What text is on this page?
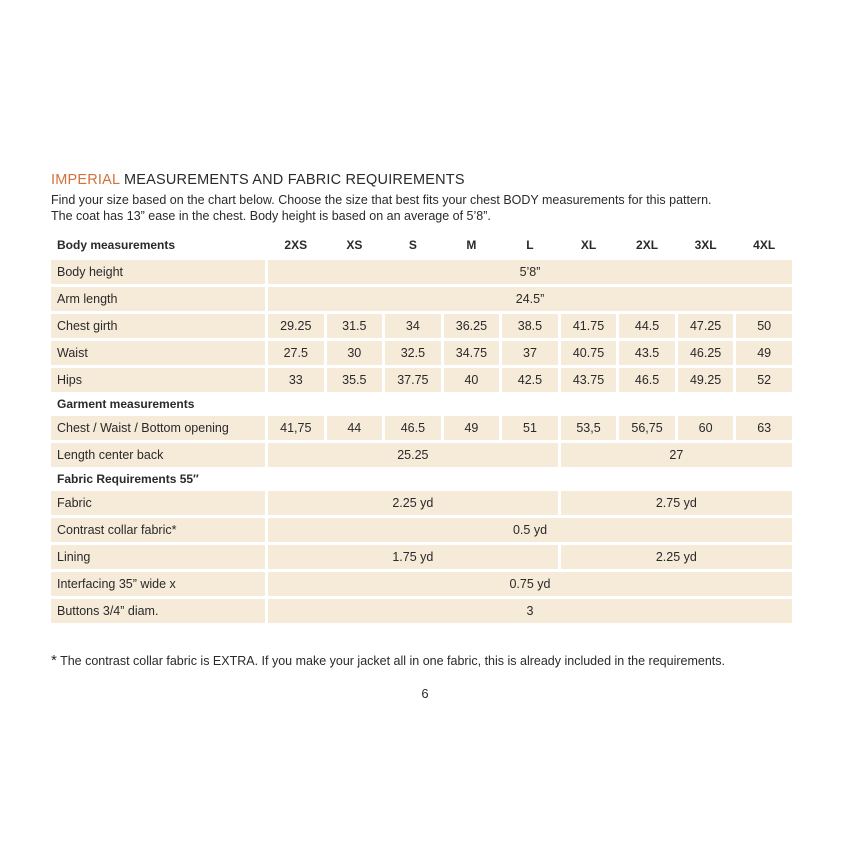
IMPERIAL MEASUREMENTS AND FABRIC REQUIREMENTS
Find your size based on the chart below. Choose the size that best fits your chest BODY measurements for this pattern.
The coat has 13” ease in the chest. Body height is based on an average of 5’8”.
Body measurements	2XS	XS	S	M	L	XL	2XL	3XL	4XL
Body height	5’8”								
Arm length	24.5”								
Chest girth	29.25	31.5	34	36.25	38.5	41.75	44.5	47.25	50
Waist	27.5	30	32.5	34.75	37	40.75	43.5	46.25	49
Hips	33	35.5	37.75	40	42.5	43.75	46.5	49.25	52
Garment measurements									
Chest / Waist / Bottom opening	41,75	44	46.5	49	51	53,5	56,75	60	63
Length center back	25.25					27			
Fabric Requirements 55″									
Fabric	2.25 yd					2.75 yd			
Contrast collar fabric*	0.5 yd								
Lining	1.75 yd					2.25 yd			
Interfacing 35” wide x	0.75 yd								
Buttons 3/4” diam.	3								
* The contrast collar fabric is EXTRA. If you make your jacket all in one fabric, this is already included in the requirements.
6
